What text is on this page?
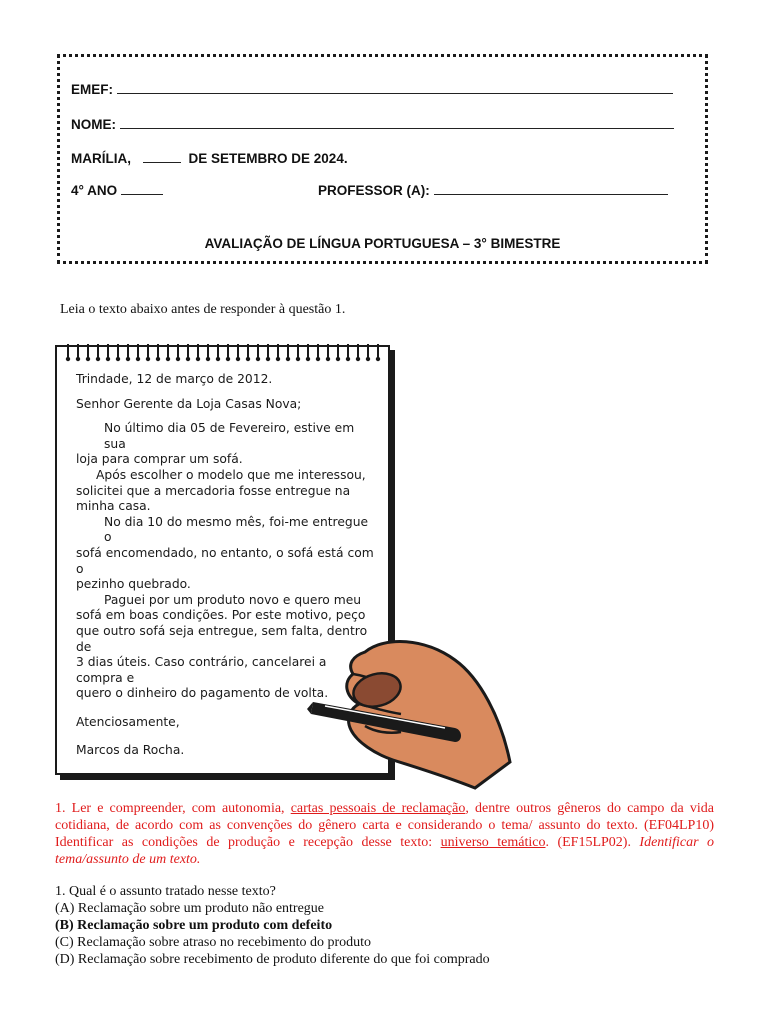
EMEF:
NOME:
MARÍLIA,	DE SETEMBRO DE 2024.
4° ANO	PROFESSOR (A):
AVALIAÇÃO DE LÍNGUA PORTUGUESA – 3° BIMESTRE
Leia o texto abaixo antes de responder à questão 1.

Trindade, 12 de março de 2012.

Senhor Gerente da Loja Casas Nova;

No último dia 05 de Fevereiro, estive em sua

loja para comprar um sofá.

Após escolher o modelo que me interessou,

solicitei que a mercadoria fosse entregue na

minha casa.

No dia 10 do mesmo mês, foi-me entregue o

sofá encomendado, no entanto, o sofá está com o

pezinho quebrado.

Paguei por um produto novo e quero meu

sofá em boas condições. Por este motivo, peço

que outro sofá seja entregue, sem falta, dentro de

3 dias úteis. Caso contrário, cancelarei a compra e

quero o dinheiro do pagamento de volta.

Atenciosamente,

Marcos da Rocha.

1. Ler e compreender, com autonomia, cartas pessoais de reclamação, dentre outros gêneros do campo da vida cotidiana, de acordo com as convenções do gênero carta e considerando o tema/ assunto do texto. (EF04LP10) Identificar as condições de produção e recepção desse texto: universo temático. (EF15LP02). Identificar o tema/assunto de um texto.
1. Qual é o assunto tratado nesse texto?
(A) Reclamação sobre um produto não entregue
(B) Reclamação sobre um produto com defeito
(C) Reclamação sobre atraso no recebimento do produto
(D) Reclamação sobre recebimento de produto diferente do que foi comprado
